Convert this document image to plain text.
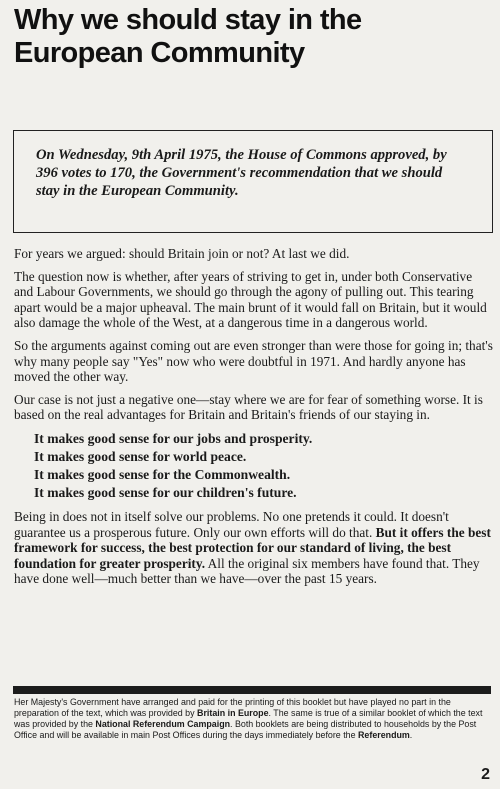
Why we should stay in the
European Community
On Wednesday, 9th April 1975, the House of Commons approved, by 396 votes to 170, the Government's recommendation that we should stay in the European Community.

For years we argued: should Britain join or not? At last we did.

The question now is whether, after years of striving to get in, under both Conservative and Labour Governments, we should go through the agony of pulling out. This tearing apart would be a major upheaval. The main brunt of it would fall on Britain, but it would also damage the whole of the West, at a dangerous time in a dangerous world.

So the arguments against coming out are even stronger than were those for going in; that's why many people say "Yes" now who were doubtful in 1971. And hardly anyone has moved the other way.

Our case is not just a negative one—stay where we are for fear of something worse. It is based on the real advantages for Britain and Britain's friends of our staying in.

It makes good sense for our jobs and prosperity.
It makes good sense for world peace.
It makes good sense for the Commonwealth.
It makes good sense for our children's future.

Being in does not in itself solve our problems. No one pretends it could. It doesn't guarantee us a prosperous future. Only our own efforts will do that. But it offers the best framework for success, the best protection for our standard of living, the best foundation for greater prosperity. All the original six members have found that. They have done well—much better than we have—over the past 15 years.

Her Majesty's Government have arranged and paid for the printing of this booklet but have played no part in the preparation of the text, which was provided by Britain in Europe. The same is true of a similar booklet of which the text was provided by the National Referendum Campaign. Both booklets are being distributed to households by the Post Office and will be available in main Post Offices during the days immediately before the Referendum.
2
